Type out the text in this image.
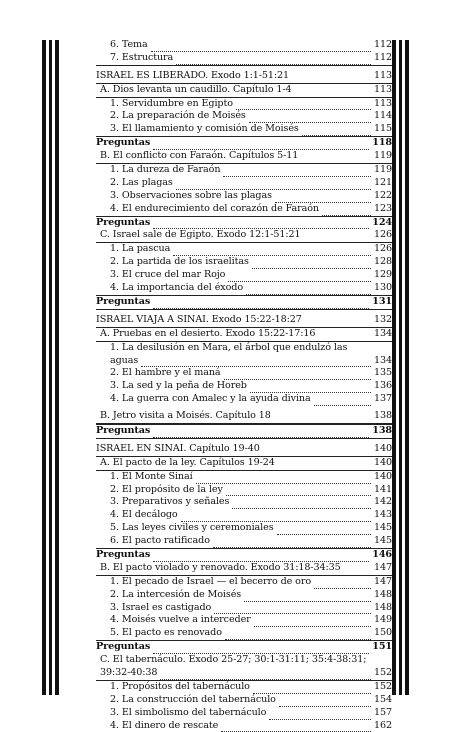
6. Tema	112
7. Estructura	112
ISRAEL ES LIBERADO. Exodo 1:1-51:21	113
A. Dios levanta un caudillo. Capítulo 1-4	113
1. Servidumbre en Egipto	113
2. La preparación de Moisés	114
3. El llamamiento y comisión de Moisés	115
Preguntas	118
B. El conflicto con Faraón. Capítulos 5-11	119
1. La dureza de Faraón	119
2. Las plagas	121
3. Observaciones sobre las plagas	122
4. El endurecimiento del corazón de Faraón	123
Preguntas	124
C. Israel sale de Egipto. Exodo 12:1-51:21	126
1. La pascua	126
2. La partida de los israelitas	128
3. El cruce del mar Rojo	129
4. La importancia del éxodo	130
Preguntas	131
ISRAEL VIAJA A SINAI. Exodo 15:22-18:27	132
A. Pruebas en el desierto. Exodo 15:22-17:16	134
1. La desilusión en Mara, el árbol que endulzó las
aguas	134
2. El hambre y el maná	135
3. La sed y la peña de Horeb	136
4. La guerra con Amalec y la ayuda divina	137
B. Jetro visita a Moisés. Capítulo 18	138
Preguntas	138
ISRAEL EN SINAI. Capítulo 19-40	140
A. El pacto de la ley. Capítulos 19-24	140
1. El Monte Sinaí	140
2. El propósito de la ley	141
3. Preparativos y señales	142
4. El decálogo	143
5. Las leyes civiles y ceremoniales	145
6. El pacto ratificado	145
Preguntas	146
B. El pacto violado y renovado. Exodo 31:18-34:35	147
1. El pecado de Israel — el becerro de oro	147
2. La intercesión de Moisés	148
3. Israel es castigado	148
4. Moisés vuelve a interceder	149
5. El pacto es renovado	150
Preguntas	151
C. El tabernáculo. Exodo 25-27; 30:1-31:11; 35:4-38:31;
39:32-40:38	152
1. Propósitos del tabernáculo	152
2. La construcción del tabernáculo	154
3. El simbolismo del tabernáculo	157
4. El dinero de rescate	162
